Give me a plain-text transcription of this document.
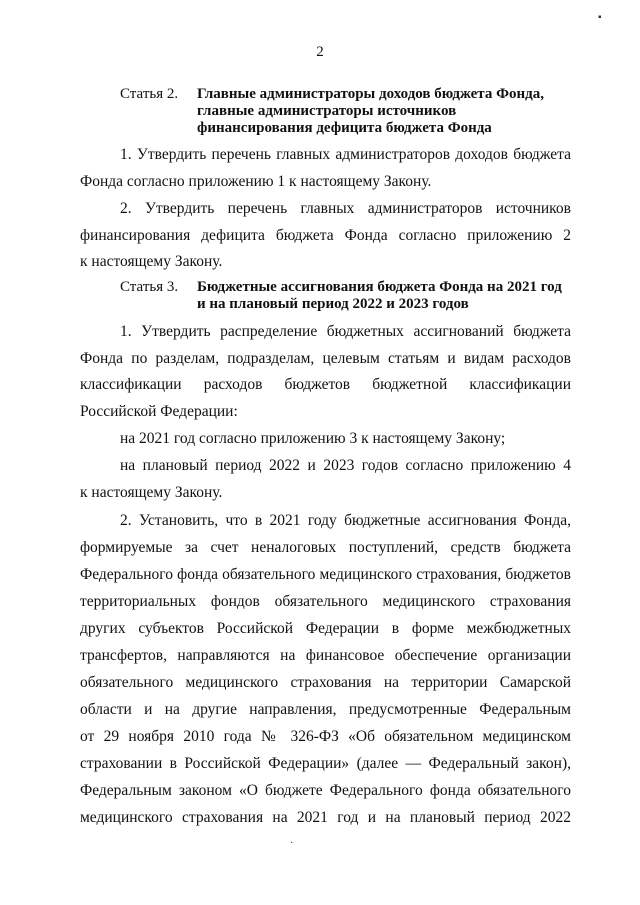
2
Статья 2. Главные администраторы доходов бюджета Фонда,
главные администраторы источников
финансирования дефицита бюджета Фонда
1. Утвердить перечень главных администраторов доходов бюджета
Фонда согласно приложению 1 к настоящему Закону.
2. Утвердить перечень главных администраторов источников
финансирования дефицита бюджета Фонда согласно приложению 2
к настоящему Закону.
Статья 3. Бюджетные ассигнования бюджета Фонда на 2021 год
и на плановый период 2022 и 2023 годов
1. Утвердить распределение бюджетных ассигнований бюджета
Фонда по разделам, подразделам, целевым статьям и видам расходов
классификации расходов бюджетов бюджетной классификации
Российской Федерации:
на 2021 год согласно приложению 3 к настоящему Закону;
на плановый период 2022 и 2023 годов согласно приложению 4
к настоящему Закону.
2. Установить, что в 2021 году бюджетные ассигнования Фонда,
формируемые за счет неналоговых поступлений, средств бюджета
Федерального фонда обязательного медицинского страхования, бюджетов
территориальных фондов обязательного медицинского страхования
других субъектов Российской Федерации в форме межбюджетных
трансфертов, направляются на финансовое обеспечение организации
обязательного медицинского страхования на территории Самарской
области и на другие направления, предусмотренные Федеральным
от 29 ноября 2010 года № 326-ФЗ «Об обязательном медицинском
страховании в Российской Федерации» (далее — Федеральный закон),
Федеральным законом «О бюджете Федерального фонда обязательного
медицинского страхования на 2021 год и на плановый период 2022
▪
·
